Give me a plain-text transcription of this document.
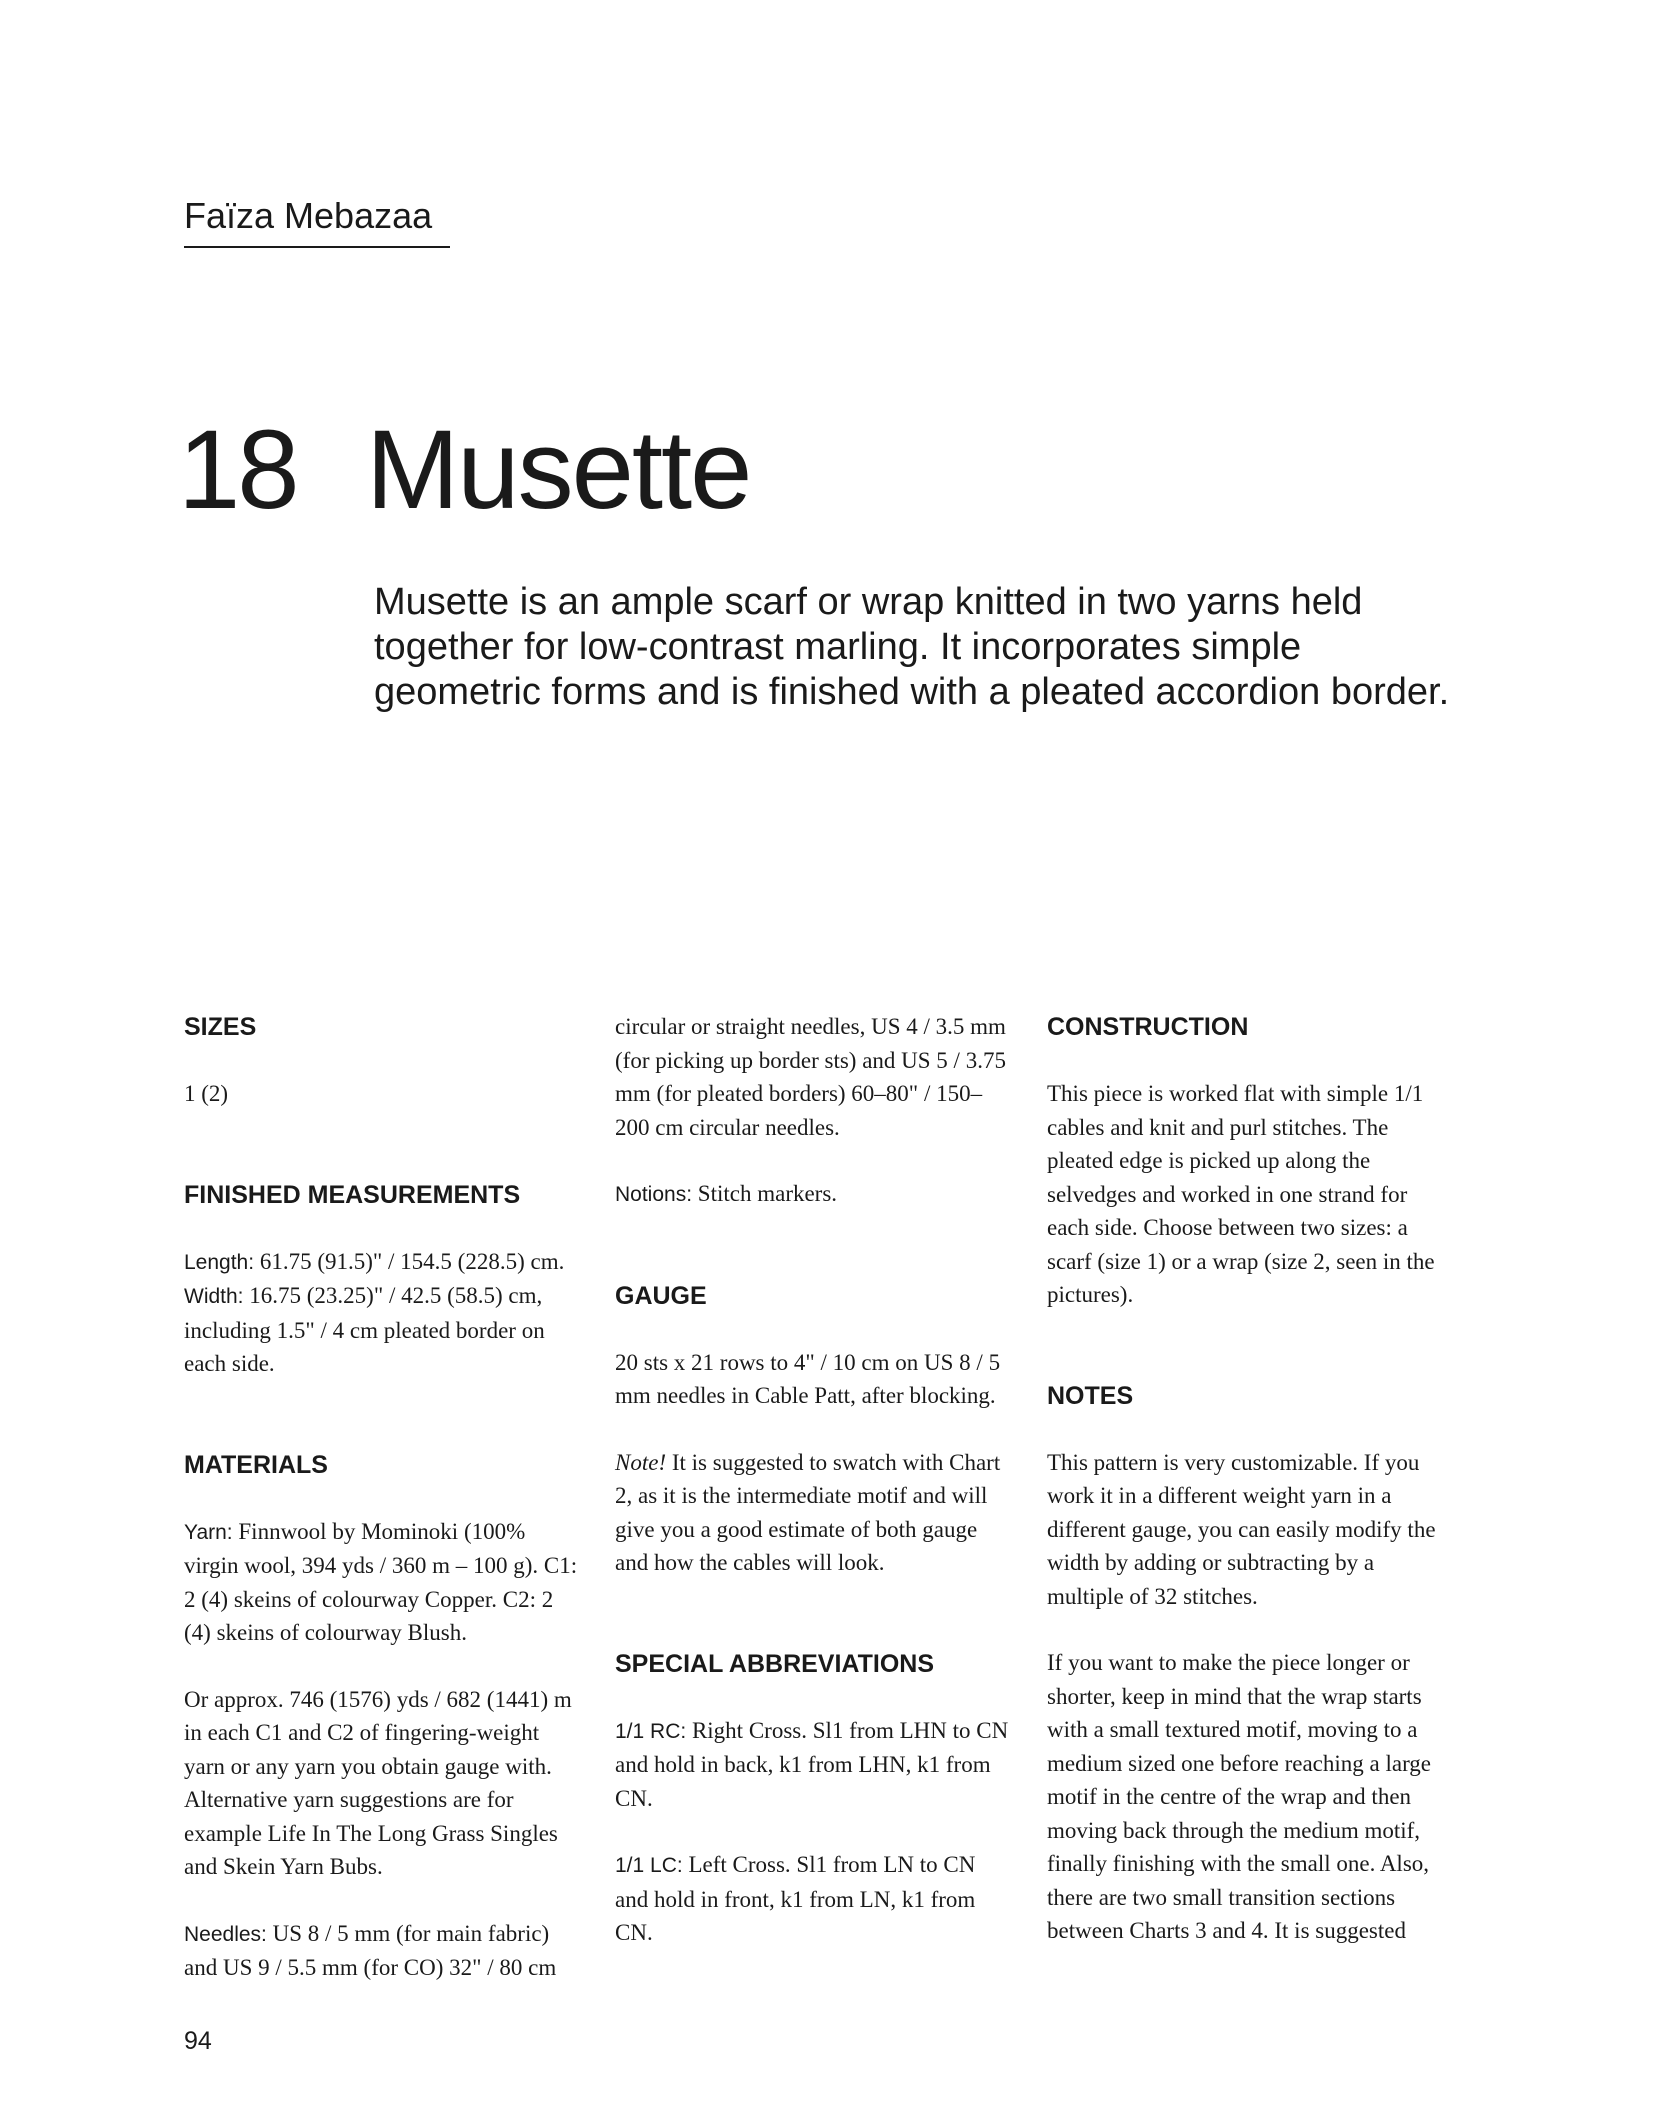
Faïza Mebazaa
18 Musette

Musette is an ample scarf or wrap knitted in two yarns held together for low-contrast marling. It incorporates simple geometric forms and is finished with a pleated accordion border.

SIZES

1 (2)

FINISHED MEASUREMENTS

Length: 61.75 (91.5)" / 154.5 (228.5) cm.

Width: 16.75 (23.25)" / 42.5 (58.5) cm, including 1.5" / 4 cm pleated border on each side.

MATERIALS

Yarn: Finnwool by Mominoki (100% virgin wool, 394 yds / 360 m – 100 g). C1: 2 (4) skeins of colourway Copper. C2: 2 (4) skeins of colourway Blush.

Or approx. 746 (1576) yds / 682 (1441) m in each C1 and C2 of fingering-weight yarn or any yarn you obtain gauge with. Alternative yarn suggestions are for example Life In The Long Grass Singles and Skein Yarn Bubs.

Needles: US 8 / 5 mm (for main fabric) and US 9 / 5.5 mm (for CO) 32" / 80 cm

circular or straight needles, US 4 / 3.5 mm (for picking up border sts) and US 5 / 3.75 mm (for pleated borders) 60–80" / 150–200 cm circular needles.

Notions: Stitch markers.

GAUGE

20 sts x 21 rows to 4" / 10 cm on US 8 / 5 mm needles in Cable Patt, after blocking.

Note! It is suggested to swatch with Chart 2, as it is the intermediate motif and will give you a good estimate of both gauge and how the cables will look.

SPECIAL ABBREVIATIONS

1/1 RC: Right Cross. Sl1 from LHN to CN and hold in back, k1 from LHN, k1 from CN.

1/1 LC: Left Cross. Sl1 from LN to CN and hold in front, k1 from LN, k1 from CN.

CONSTRUCTION

This piece is worked flat with simple 1/1 cables and knit and purl stitches. The pleated edge is picked up along the selvedges and worked in one strand for each side. Choose between two sizes: a scarf (size 1) or a wrap (size 2, seen in the pictures).

NOTES

This pattern is very customizable. If you work it in a different weight yarn in a different gauge, you can easily modify the width by adding or subtracting by a multiple of 32 stitches.

If you want to make the piece longer or shorter, keep in mind that the wrap starts with a small textured motif, moving to a medium sized one before reaching a large motif in the centre of the wrap and then moving back through the medium motif, finally finishing with the small one. Also, there are two small transition sections between Charts 3 and 4. It is suggested

94
